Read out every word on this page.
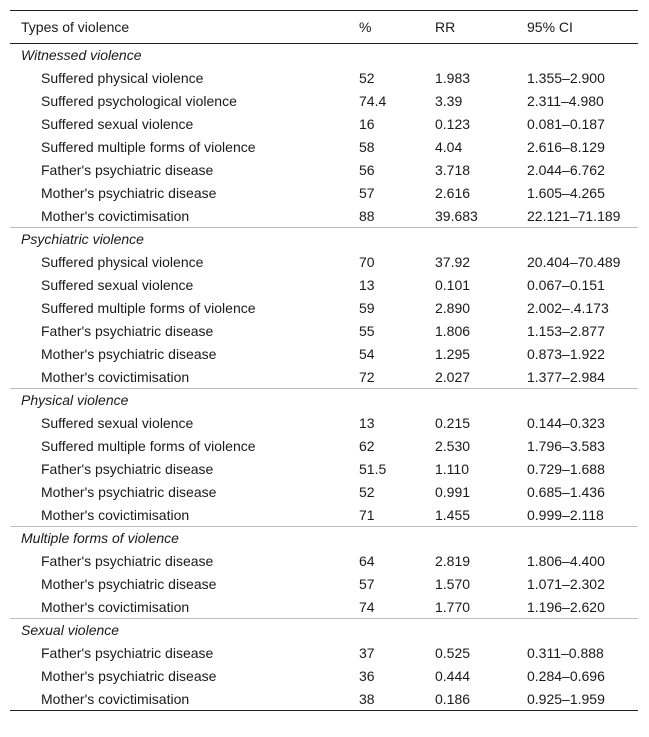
Types of violence	%	RR	95% CI
Witnessed violence			
Suffered physical violence	52	1.983	1.355–2.900
Suffered psychological violence	74.4	3.39	2.311–4.980
Suffered sexual violence	16	0.123	0.081–0.187
Suffered multiple forms of violence	58	4.04	2.616–8.129
Father's psychiatric disease	56	3.718	2.044–6.762
Mother's psychiatric disease	57	2.616	1.605–4.265
Mother's covictimisation	88	39.683	22.121–71.189
Psychiatric violence			
Suffered physical violence	70	37.92	20.404–70.489
Suffered sexual violence	13	0.101	0.067–0.151
Suffered multiple forms of violence	59	2.890	2.002–.4.173
Father's psychiatric disease	55	1.806	1.153–2.877
Mother's psychiatric disease	54	1.295	0.873–1.922
Mother's covictimisation	72	2.027	1.377–2.984
Physical violence			
Suffered sexual violence	13	0.215	0.144–0.323
Suffered multiple forms of violence	62	2.530	1.796–3.583
Father's psychiatric disease	51.5	1.110	0.729–1.688
Mother's psychiatric disease	52	0.991	0.685–1.436
Mother's covictimisation	71	1.455	0.999–2.118
Multiple forms of violence			
Father's psychiatric disease	64	2.819	1.806–4.400
Mother's psychiatric disease	57	1.570	1.071–2.302
Mother's covictimisation	74	1.770	1.196–2.620
Sexual violence			
Father's psychiatric disease	37	0.525	0.311–0.888
Mother's psychiatric disease	36	0.444	0.284–0.696
Mother's covictimisation	38	0.186	0.925–1.959
